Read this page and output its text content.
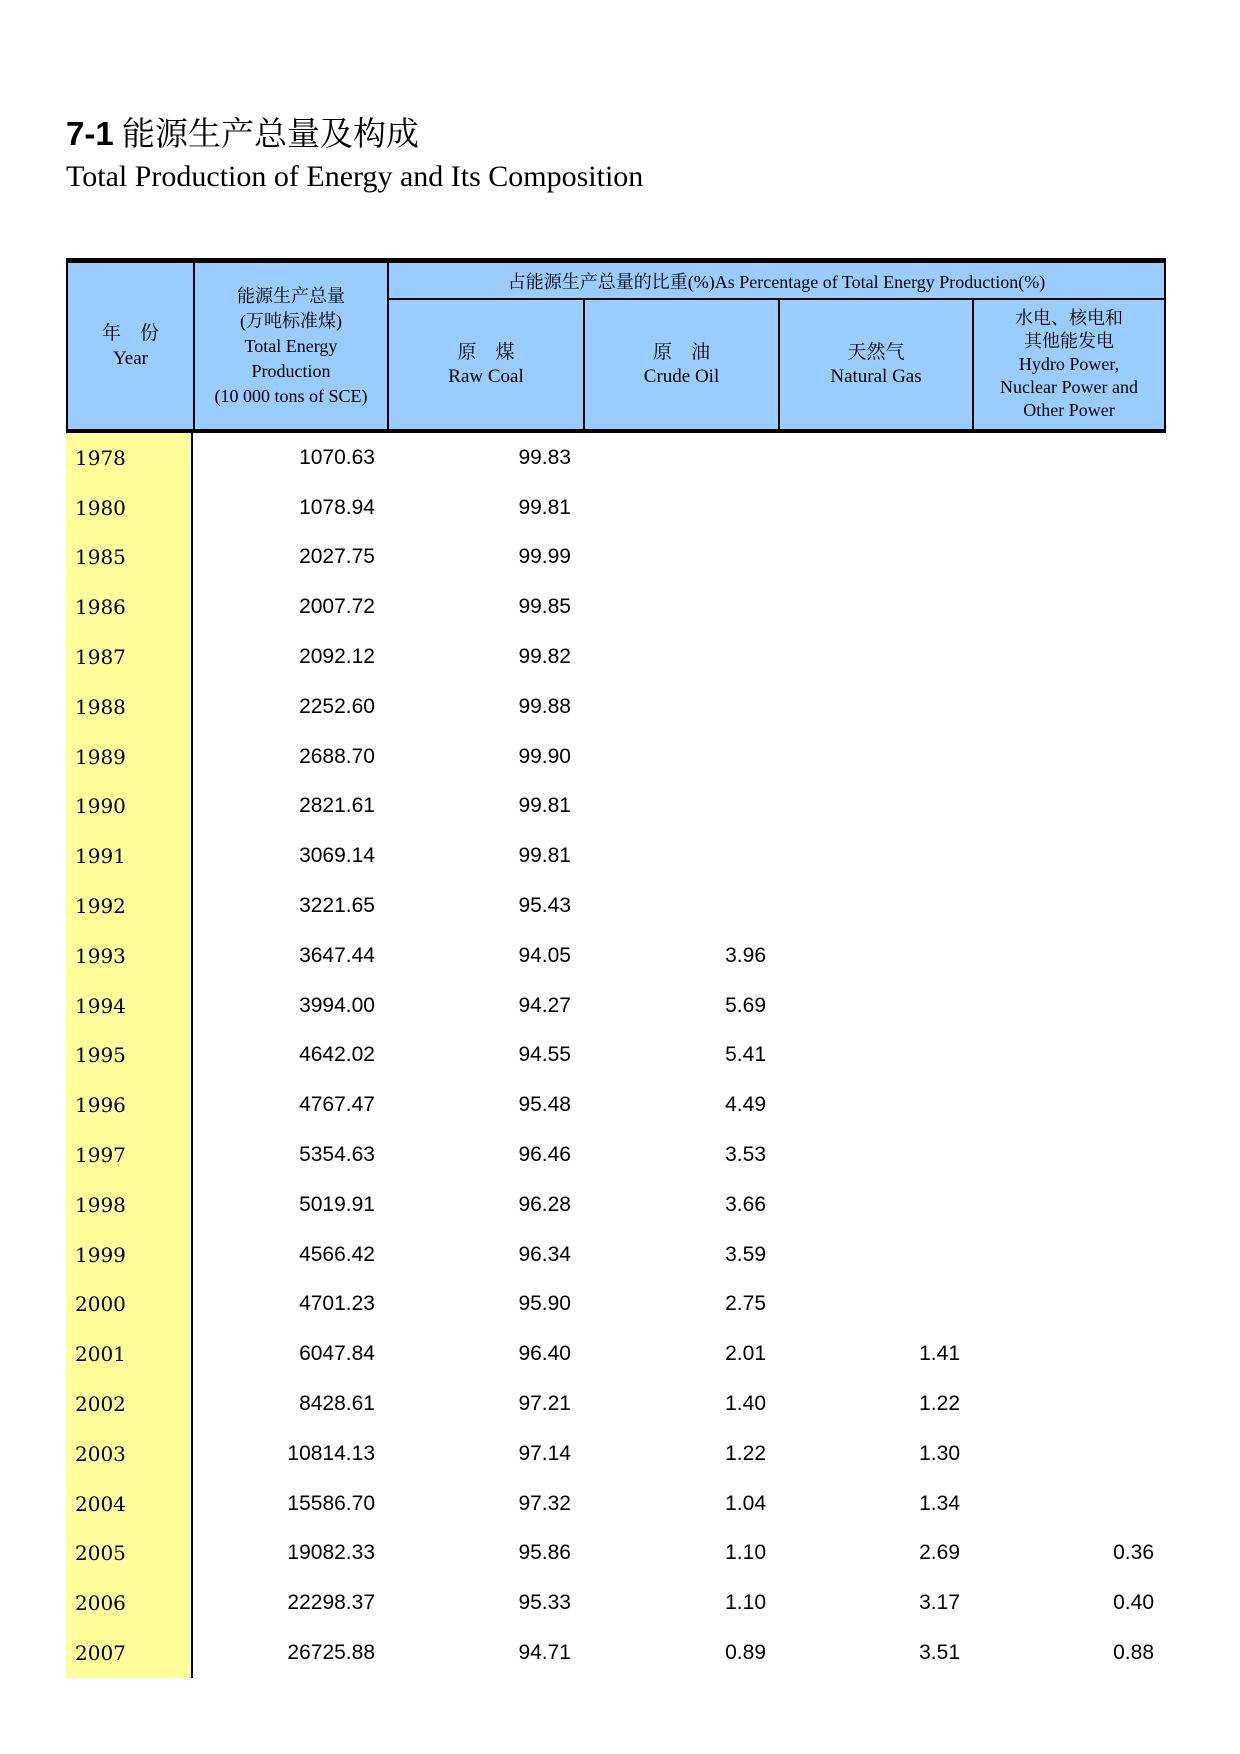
7-1 能源生产总量及构成
Total Production of Energy and Its Composition
年　份
Year
能源生产总量
(万吨标准煤)
Total Energy
Production
(10 000 tons of SCE)
占能源生产总量的比重(%)As Percentage of Total Energy Production(%)
原　煤
Raw Coal
原　油
Crude Oil
天然气
Natural Gas
水电、核电和
其他能发电
Hydro Power,
Nuclear Power and
Other Power
1978	1070.63	99.83
1980	1078.94	99.81
1985	2027.75	99.99
1986	2007.72	99.85
1987	2092.12	99.82
1988	2252.60	99.88
1989	2688.70	99.90
1990	2821.61	99.81
1991	3069.14	99.81
1992	3221.65	95.43
1993	3647.44	94.05	3.96
1994	3994.00	94.27	5.69
1995	4642.02	94.55	5.41
1996	4767.47	95.48	4.49
1997	5354.63	96.46	3.53
1998	5019.91	96.28	3.66
1999	4566.42	96.34	3.59
2000	4701.23	95.90	2.75
2001	6047.84	96.40	2.01	1.41
2002	8428.61	97.21	1.40	1.22
2003	10814.13	97.14	1.22	1.30
2004	15586.70	97.32	1.04	1.34
2005	19082.33	95.86	1.10	2.69	0.36
2006	22298.37	95.33	1.10	3.17	0.40
2007	26725.88	94.71	0.89	3.51	0.88
